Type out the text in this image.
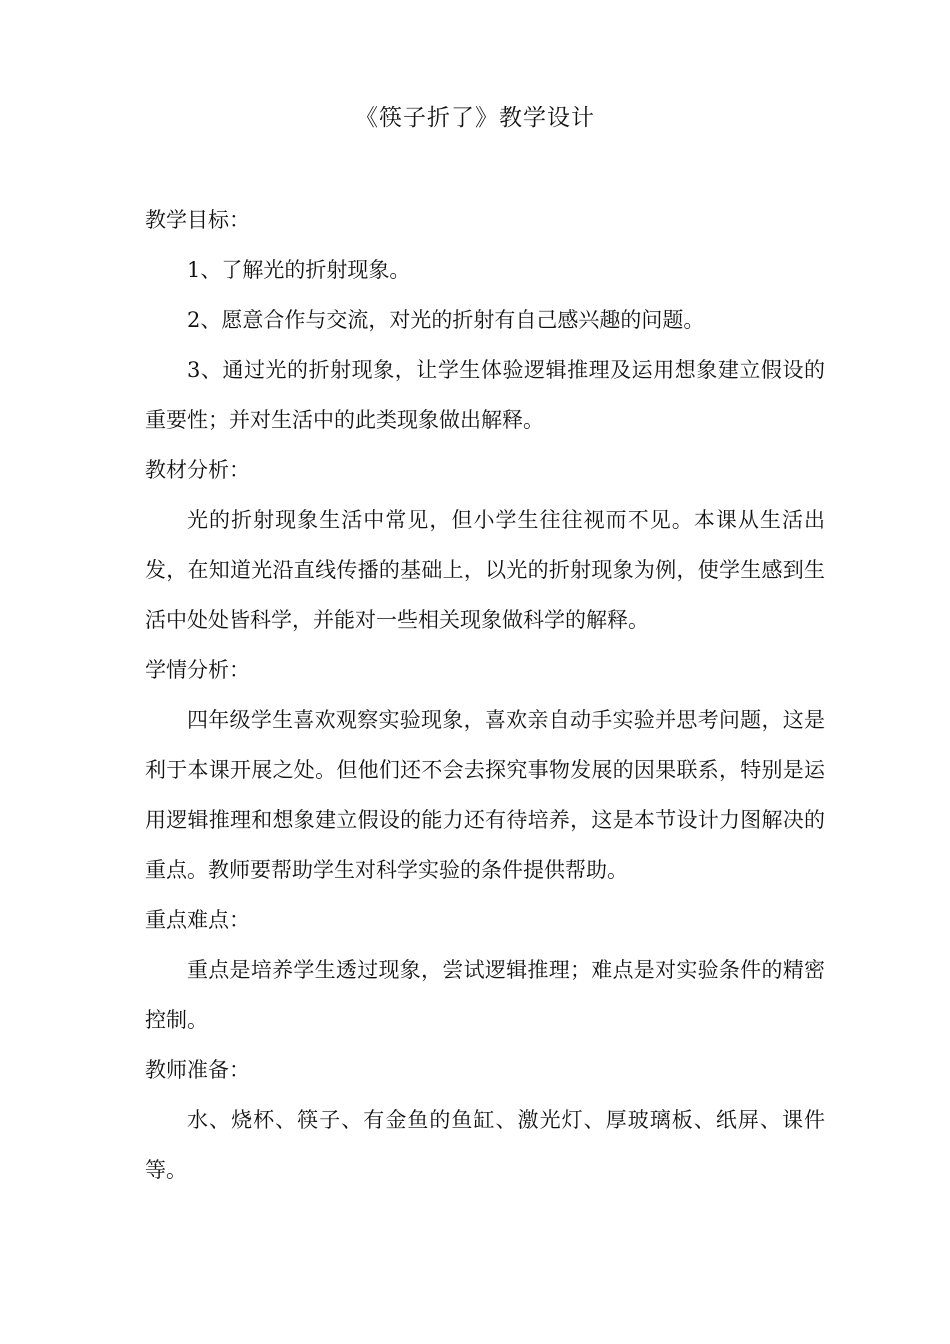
《筷子折了》教学设计

教学目标：

1、了解光的折射现象。

2、愿意合作与交流，对光的折射有自己感兴趣的问题。

3、通过光的折射现象，让学生体验逻辑推理及运用想象建立假设的重要性；并对生活中的此类现象做出解释。

教材分析：

光的折射现象生活中常见，但小学生往往视而不见。本课从生活出发，在知道光沿直线传播的基础上，以光的折射现象为例，使学生感到生活中处处皆科学，并能对一些相关现象做科学的解释。

学情分析：

四年级学生喜欢观察实验现象，喜欢亲自动手实验并思考问题，这是利于本课开展之处。但他们还不会去探究事物发展的因果联系，特别是运用逻辑推理和想象建立假设的能力还有待培养，这是本节设计力图解决的重点。教师要帮助学生对科学实验的条件提供帮助。

重点难点：

重点是培养学生透过现象，尝试逻辑推理；难点是对实验条件的精密控制。

教师准备：

水、烧杯、筷子、有金鱼的鱼缸、激光灯、厚玻璃板、纸屏、课件等。
